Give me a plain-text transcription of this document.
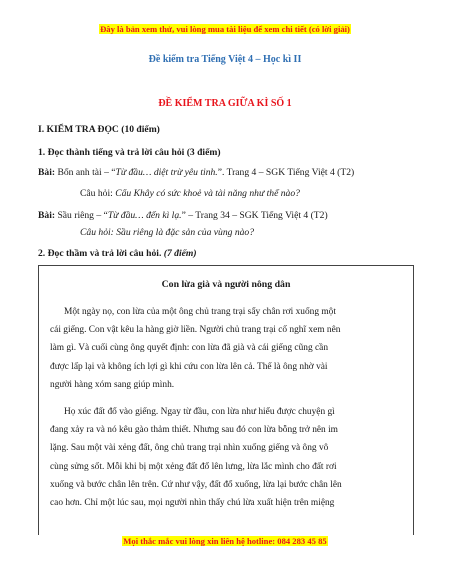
Đây là bản xem thử, vui lòng mua tài liệu để xem chi tiết (có lời giải)
Đề kiểm tra Tiếng Việt 4 – Học kì II
ĐỀ KIỂM TRA GIỮA KÌ SỐ 1
I. KIỂM TRA ĐỌC (10 điểm)
1. Đọc thành tiếng và trả lời câu hỏi (3 điểm)
Bài: Bốn anh tài – “Từ đầu… diệt trừ yêu tinh.”. Trang 4 – SGK Tiếng Việt 4 (T2)
Câu hỏi: Cẩu Khây có sức khoẻ và tài năng như thế nào?
Bài: Sầu riêng – “Từ đầu… đến kì lạ.” – Trang 34 – SGK Tiếng Việt 4 (T2)
Câu hỏi: Sầu riêng là đặc sản của vùng nào?
2. Đọc thầm và trả lời câu hỏi. (7 điểm)
Con lừa già và người nông dân
Một ngày nọ, con lừa của một ông chủ trang trại sẩy chân rơi xuống một
cái giếng. Con vật kêu la hàng giờ liền. Người chủ trang trại cố nghĩ xem nên
làm gì. Và cuối cùng ông quyết định: con lừa đã già và cái giếng cũng cần
được lấp lại và không ích lợi gì khi cứu con lừa lên cả. Thế là ông nhờ vài
người hàng xóm sang giúp mình.
Họ xúc đất đổ vào giếng. Ngay từ đầu, con lừa như hiểu được chuyện gì
đang xảy ra và nó kêu gào thảm thiết. Nhưng sau đó con lừa bỗng trở nên im
lặng. Sau một vài xẻng đất, ông chủ trang trại nhìn xuống giếng và ông vô
cùng sửng sốt. Mỗi khi bị một xẻng đất đổ lên lưng, lừa lắc mình cho đất rơi
xuống và bước chân lên trên. Cứ như vậy, đất đổ xuống, lừa lại bước chân lên
cao hơn. Chỉ một lúc sau, mọi người nhìn thấy chú lừa xuất hiện trên miệng
Mọi thắc mắc vui lòng xin liên hệ hotline: 084 283 45 85
